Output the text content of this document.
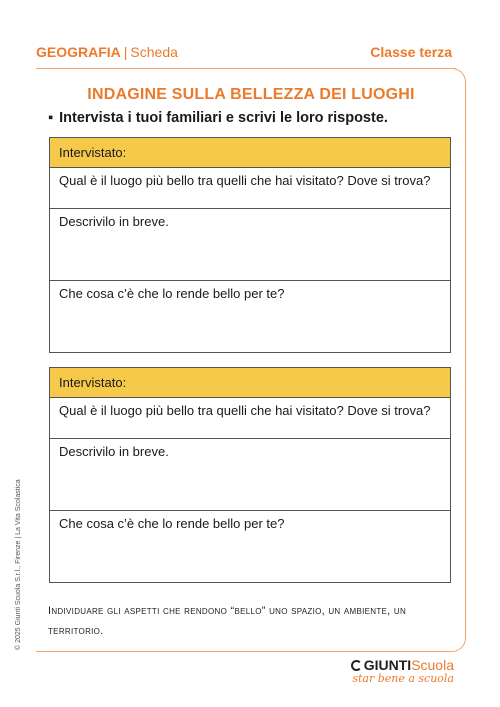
GEOGRAFIA | Scheda	Classe terza
INDAGINE SULLA BELLEZZA DEI LUOGHI
▪ Intervista i tuoi familiari e scrivi le loro risposte.
Intervistato:
Qual è il luogo più bello tra quelli che hai visitato? Dove si trova?
Descrivilo in breve.
Che cosa c’è che lo rende bello per te?
Intervistato:
Qual è il luogo più bello tra quelli che hai visitato? Dove si trova?
Descrivilo in breve.
Che cosa c’è che lo rende bello per te?
Individuare gli aspetti che rendono “bello” uno spazio, un ambiente, un territorio.
© 2025 Giunti Scuola S.r.l., Firenze | La Vita Scolastica
GIUNTIScuola
star bene a scuola
